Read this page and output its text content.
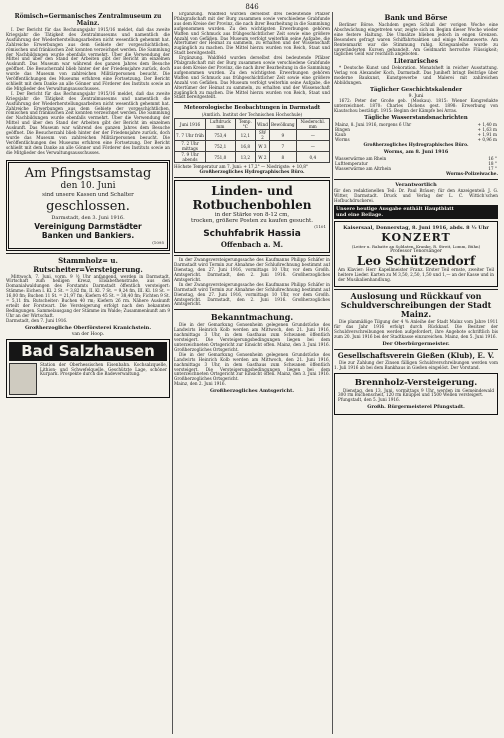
846
Römisch=Germanisches Zentralmuseum zu Mainz.

I. Der Bericht für das Rechnungsjahr 1915/16 meldet, daß das zweite Kriegsjahr die Tätigkeit des Zentralmuseums und namentlich die Ausführung der Wiederherstellungsarbeiten nicht wesentlich gehemmt hat. Zahlreiche Erwerbungen aus dem Gebiete der vorgeschichtlichen, römischen und fränkischen Zeit konnten verzeichnet werden. Die Sammlung der Nachbildungen wurde ebenfalls vermehrt. Über die Verwendung der Mittel und über den Stand der Arbeiten gibt der Bericht im einzelnen Auskunft. Das Museum war während des ganzen Jahres dem Besuche geöffnet. Die Besucherzahl blieb hinter der der Friedensjahre zurück, doch wurde das Museum von zahlreichen Militärpersonen besucht. Die Veröffentlichungen des Museums erfuhren eine Fortsetzung. Der Bericht schließt mit dem Danke an alle Gönner und Förderer des Instituts sowie an die Mitglieder des Verwaltungsausschusses.

I. Der Bericht für das Rechnungsjahr 1915/16 meldet, daß das zweite Kriegsjahr die Tätigkeit des Zentralmuseums und namentlich die Ausführung der Wiederherstellungsarbeiten nicht wesentlich gehemmt hat. Zahlreiche Erwerbungen aus dem Gebiete der vorgeschichtlichen, römischen und fränkischen Zeit konnten verzeichnet werden. Die Sammlung der Nachbildungen wurde ebenfalls vermehrt. Über die Verwendung der Mittel und über den Stand der Arbeiten gibt der Bericht im einzelnen Auskunft. Das Museum war während des ganzen Jahres dem Besuche geöffnet. Die Besucherzahl blieb hinter der der Friedensjahre zurück, doch wurde das Museum von zahlreichen Militärpersonen besucht. Die Veröffentlichungen des Museums erfuhren eine Fortsetzung. Der Bericht schließt mit dem Danke an alle Gönner und Förderer des Instituts sowie an die Mitglieder des Verwaltungsausschusses.

Am Pfingstsamstag
den 10. Juni
sind unsere Kassen und Schalter
geschlossen.
Darmstadt, den 3. Juni 1916.
Vereinigung Darmstädter
Banken und Bankiers.
(1095
Stammholz= u. Rutscheiter=Versteigerung.

Mittwoch, 7. Juni, vorm. 9 ½ Uhr anfangend, werden in Darmstadt, Wirtschaft zum heiligen Kreuz, Elisabethenstraße, aus den Domanialwaldungen des Forstamts Darmstadt öffentlich versteigert: Stämme: Eichen I. Kl. 2 St. = 3,82 fm, II. Kl. 7 St. = 9,24 fm, III. Kl. 18 St. = 16,00 fm; Buchen 11 St. = 21,97 fm; Kiefern 45 St. = 38,40 fm; Fichten 9 St. = 5,11 fm. Rutscheiter: Buchen 40 rm; Kiefern 26 rm. Nähere Auskunft erteilt der Forstwart. Die Versteigerung erfolgt nach den bekannten Bedingungen. Sammelausgang der Stämme im Walde; Zusammenkunft am 9 Uhr an der Wirtschaft.

Darmstadt, den 7. Juni 1916.

Großherzogliche Oberförsterei Kranichstein.
van der Hoop.
Bad Salzhausen

Station der Oberhessischen Eisenbahn. Kochsalzquelle, Lithion- und Schwefelquelle. Geschützte Lage, schöner Kurpark. Prospekte durch die Badeverwaltung.

Ergänzung. Waldfeld wurden derselbst drei bedeutende Pfälzer Pfalzgrafschaft mit der Burg zusammen sowie verschiedene Grabfunde aus dem Kreise der Provinz, die nach ihrer Bearbeitung in die Sammlung aufgenommen wurden. Zu den wichtigsten Erwerbungen gehören Waffen und Schmuck aus frühgeschichtlicher Zeit sowie eine größere Anzahl von Gefäßen. Das Museum verfolgt weiterhin seine Aufgabe, die Altertümer der Heimat zu sammeln, zu erhalten und der Wissenschaft zugänglich zu machen. Die Mittel hierzu wurden von Reich, Staat und Stadt bereitgestellt.

Ergänzung. Waldfeld wurden derselbst drei bedeutende Pfälzer Pfalzgrafschaft mit der Burg zusammen sowie verschiedene Grabfunde aus dem Kreise der Provinz, die nach ihrer Bearbeitung in die Sammlung aufgenommen wurden. Zu den wichtigsten Erwerbungen gehören Waffen und Schmuck aus frühgeschichtlicher Zeit sowie eine größere Anzahl von Gefäßen. Das Museum verfolgt weiterhin seine Aufgabe, die Altertümer der Heimat zu sammeln, zu erhalten und der Wissenschaft zugänglich zu machen. Die Mittel hierzu wurden von Reich, Staat und Stadt bereitgestellt.

Meteorologische Beobachtungen in Darmstadt
(Amtlich. Institut der Technischen Hochschule)
Juni 1916	Luftdruck mm	Temp. °C	Wind	Bewölkung	Niederschl. mm
7. 7 Uhr früh	753,4	12,1	SW 2	9	—
7. 2 Uhr mittags	752,1	16,8	W 3	7	—
7. 9 Uhr abends	751,0	13,2	W 2	8	0,4
Höchste Temperatur am 7. Juni: + 17,2° — Niedrigste: + 10,8°
Großherzogliches Hydrographisches Büro.
Linden- und
Rotbuchenbohlen
in der Stärke von 8-12 cm,
trocken, größere Posten zu kaufen gesucht.
(1101
Schuhfabrik Hassia
Offenbach a. M.

In der Zwangsversteigerungssache des Kaufmanns Philipp Schäfer in Darmstadt wird Termin zur Abnahme der Schlußrechnung bestimmt auf Dienstag, den 27. Juni 1916, vormittags 10 Uhr, vor dem Großh. Amtsgericht. Darmstadt, den 2. Juni 1916. Großherzogliches Amtsgericht.

In der Zwangsversteigerungssache des Kaufmanns Philipp Schäfer in Darmstadt wird Termin zur Abnahme der Schlußrechnung bestimmt auf Dienstag, den 27. Juni 1916, vormittags 10 Uhr, vor dem Großh. Amtsgericht. Darmstadt, den 2. Juni 1916. Großherzogliches Amtsgericht.

Bekanntmachung.

Die in der Gemarkung Gonsenheim gelegenen Grundstücke des Landwirts Heinrich Kolb werden am Mittwoch, den 21. Juni 1916, nachmittags 3 Uhr, in dem Gasthaus zum Schwanen öffentlich versteigert. Die Versteigerungsbedingungen liegen bei dem unterzeichneten Ortsgericht zur Einsicht offen. Mainz, den 3. Juni 1916. Großherzogliches Ortsgericht.

Die in der Gemarkung Gonsenheim gelegenen Grundstücke des Landwirts Heinrich Kolb werden am Mittwoch, den 21. Juni 1916, nachmittags 3 Uhr, in dem Gasthaus zum Schwanen öffentlich versteigert. Die Versteigerungsbedingungen liegen bei dem unterzeichneten Ortsgericht zur Einsicht offen. Mainz, den 3. Juni 1916. Großherzogliches Ortsgericht.

Mainz, den 2. Juni 1916.

Großherzogliches Amtsgericht.
Bank und Börse

Berliner Börse. Nachdem gegen Schluß der vorigen Woche eine Abschwächung eingetreten war, zeigte sich zu Beginn dieser Woche wieder eine festere Haltung. Die Umsätze blieben jedoch in engen Grenzen. Besonders gefragt waren Schiffahrtsaktien und einige Montanwerte. Am Rentenmarkt war die Stimmung ruhig. Kriegsanleihe wurde zu unveränderten Kursen gehandelt. Am Geldmarkt herrschte Flüssigkeit; tägliches Geld war reichlich angeboten.

Literarisches

* Deutsche Kunst und Dekoration. Monatsheft in reicher Ausstattung. Verlag von Alexander Koch, Darmstadt. Das Juniheft bringt Beiträge über moderne Baukunst, Kunstgewerbe und Malerei mit zahlreichen Abbildungen.

Täglicher Geschichtskalender
9. Juni

1672: Peter der Große geb. (Moskau). 1815: Wiener Kongreßakte unterzeichnet. 1870: Charles Dickens gest. 1898: Erwerbung von Kiautschou bestätigt. 1915: Beginn der Kämpfe bei Arras.

Tägliche Wasserstandsnachrichten
Mainz, 8. Juni 1916, morgens 6 Uhr	+ 1,40 m
Bingen	+ 1,63 m
Kaub	+ 1,91 m
Worms	+ 0,96 m
Großherzogliches Hydrographisches Büro.
Worms, am 8. Juni 1916
Wasserwärme am Rhein	16 °
Lufttemperatur	18 °
Wasserwärme am Altrhein	17 °
Worms-Polizeiwache.
Verantwortlich

für den redaktionellen Teil: Dr. Paul Bräuer; für den Anzeigenteil: J. G. Witter, Darmstadt. Druck und Verlag der L. C. Wittich'schen Hofbuchdruckerei.

Unsere heutige Ausgabe enthält Hauptblatt
und eine Beilage.
Kaisersaal, Donnerstag, 8. Juni 1916, abds. 8 ½ Uhr
KONZERT
(Leiter u. Rabatte an Soldaten, Kranke, R. Streit, Lomm, Bühn)
Professor Tenorsänger
Leo Schützendorf

Am Klavier: Herr Kapellmeister Franz. Erster Teil ernste, zweiter Teil heitere Lieder. Karten zu M 3,50, 2,50, 1,50 und 1,— an der Kasse und in der Musikalienhandlung.

Auslosung und Rückkauf von Schuldverschreibungen der Stadt Mainz.

Die planmäßige Tilgung der 4 % Anleihe der Stadt Mainz vom Jahre 1911 für das Jahr 1916 erfolgt durch Rückkauf. Die Besitzer der Schuldverschreibungen werden aufgefordert, ihre Angebote schriftlich bis zum 20. Juni 1916 bei der Stadtkasse einzureichen. Mainz, den 5. Juni 1916.

Der Oberbürgermeister.
Gesellschaftsverein Gießen (Klub), E. V.

Die zur Zahlung der Zinsen fälligen Schuldverschreibungen werden vom 1. Juli 1916 ab bei dem Bankhaus in Gießen eingelöst. Der Vorstand.

Brennholz-Versteigerung.

Dienstag, den 13. Juni, vormittags 9 Uhr, werden im Gemeindewald 300 rm Buchenscheit, 120 rm Knüppel und 1500 Wellen versteigert.

Pfungstadt, den 5. Juni 1916.

Großh. Bürgermeisterei Pfungstadt.
